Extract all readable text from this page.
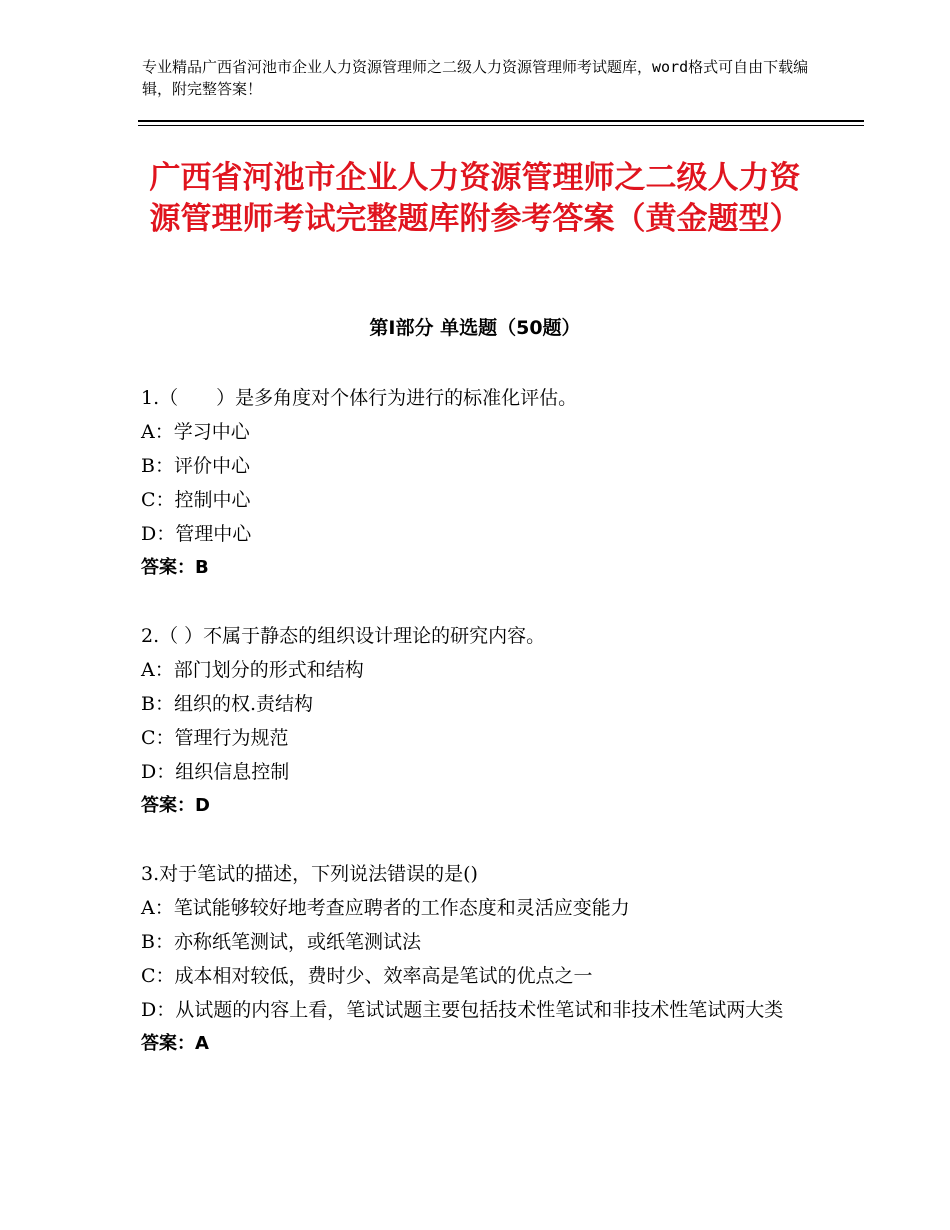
专业精品广西省河池市企业人力资源管理师之二级人力资源管理师考试题库，word格式可自由下载编辑，附完整答案！
广西省河池市企业人力资源管理师之二级人力资源管理师考试完整题库附参考答案（黄金题型）
第Ⅰ部分 单选题（50题）
1.（　　）是多角度对个体行为进行的标准化评估。
A：学习中心
B：评价中心
C：控制中心
D：管理中心
答案：B
2.（ ）不属于静态的组织设计理论的研究内容。
A：部门划分的形式和结构
B：组织的权.责结构
C：管理行为规范
D：组织信息控制
答案：D
3.对于笔试的描述，下列说法错误的是()
A：笔试能够较好地考查应聘者的工作态度和灵活应变能力
B：亦称纸笔测试，或纸笔测试法
C：成本相对较低，费时少、效率高是笔试的优点之一
D：从试题的内容上看，笔试试题主要包括技术性笔试和非技术性笔试两大类
答案：A
